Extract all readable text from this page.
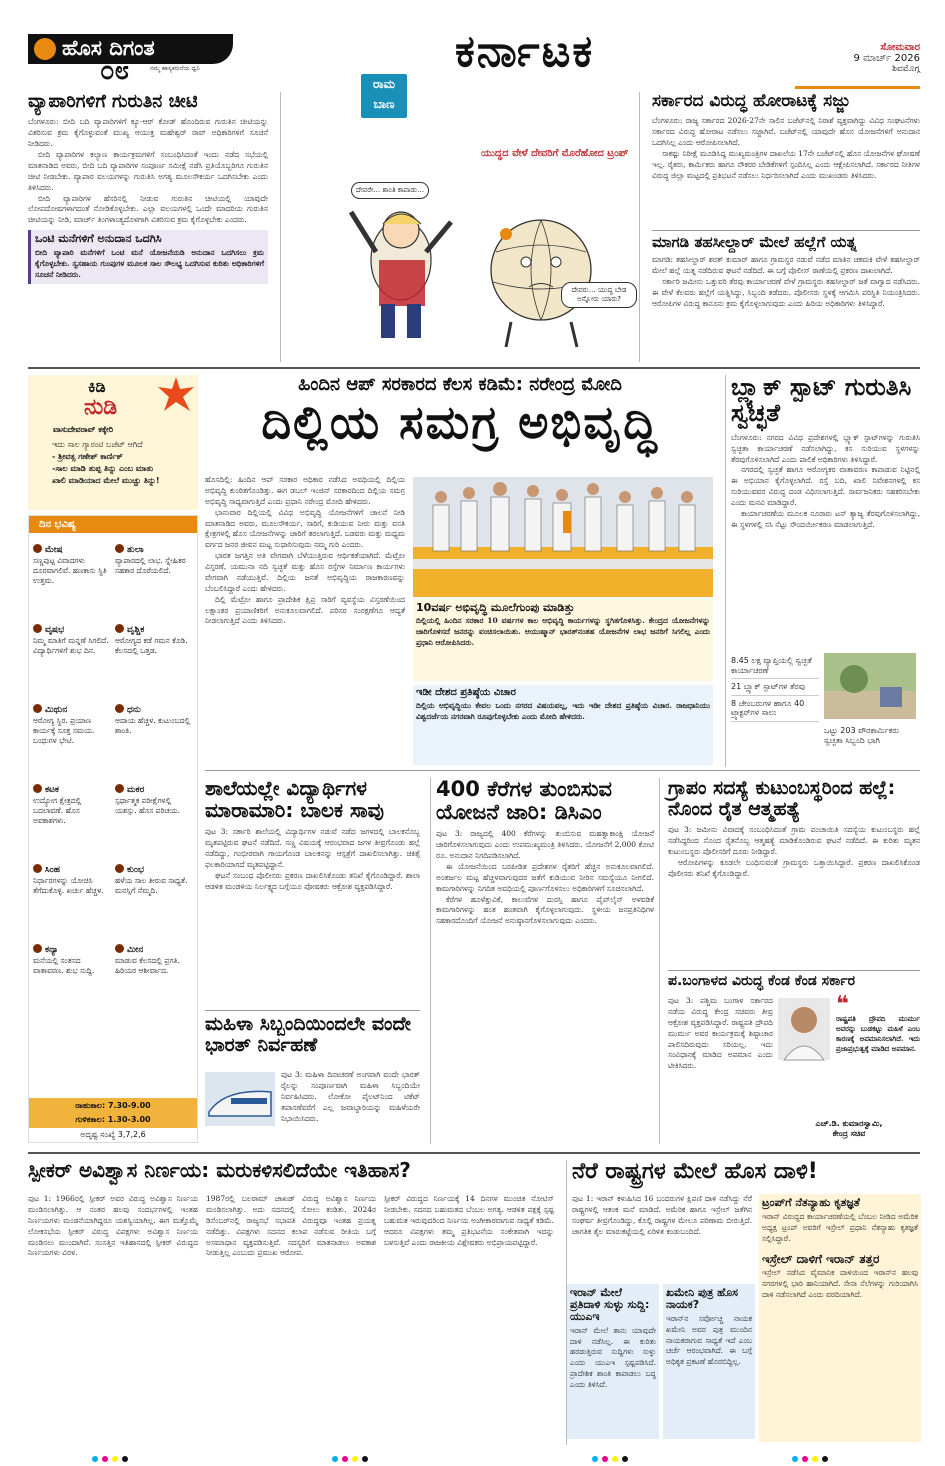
ಹೊಸ ದಿಗಂತ
ನಮ್ಮ ಹಾಸ್ಯಕರುನೆಯ ಧ್ವನಿ
೦೮	ಕರ್ನಾಟಕ	ಸೋಮವಾರ
9 ಮಾರ್ಚ್ 2026
ಶಿವಮೊಗ್ಗ
ವ್ಯಾಪಾರಿಗಳಿಗೆ ಗುರುತಿನ ಚೀಟಿ

ಬೆಂಗಳೂರು: ಬೀದಿ ಬದಿ ವ್ಯಾಪಾರಿಗಳಿಗೆ ಕ್ಯೂ-ಆರ್ ಕೋಡ್ ಹೊಂದಿರುವ ಗುರುತಿನ ಚೀಟಿಯನ್ನು ವಿತರಿಸುವ ಕ್ರಮ ಕೈಗೊಳ್ಳುವಂತೆ ಮುಖ್ಯ ಆಯುಕ್ತ ಮಹೇಶ್ವರ್ ರಾವ್ ಅಧಿಕಾರಿಗಳಿಗೆ ಸೂಚನೆ ನೀಡಿದರು.

ಬೀದಿ ವ್ಯಾಪಾರಿಗಳ ಕಲ್ಯಾಣ ಕಾರ್ಯಕ್ರಮಗಳಿಗೆ ಸಂಬಂಧಿಸಿದಂತೆ ಇಂದು ನಡೆದ ಸಭೆಯಲ್ಲಿ ಮಾತನಾಡಿದ ಅವರು, ಬೀದಿ ಬದಿ ವ್ಯಾಪಾರಿಗಳ ಸಂಪೂರ್ಣ ಸಮೀಕ್ಷೆ ನಡೆಸಿ ಪ್ರತಿಯೊಬ್ಬರಿಗೂ ಗುರುತಿನ ಚೀಟಿ ನೀಡಬೇಕು. ವ್ಯಾಪಾರ ವಲಯಗಳನ್ನು ಗುರುತಿಸಿ ಅಗತ್ಯ ಮೂಲಸೌಕರ್ಯ ಒದಗಿಸಬೇಕು ಎಂದು ತಿಳಿಸಿದರು.

ಬೀದಿ ವ್ಯಾಪಾರಿಗಳ ಹೆಸರಿನಲ್ಲಿ ನೀಡುವ ಗುರುತಿನ ಚೀಟಿಯಲ್ಲಿ ಯಾವುದೇ ಲೋಪದೋಷಗಳಾಗದಂತೆ ನೋಡಿಕೊಳ್ಳಬೇಕು. ಎಲ್ಲಾ ವಲಯಗಳಲ್ಲಿ ಒಂದೇ ಮಾದರಿಯ ಗುರುತಿನ ಚೀಟಿಯನ್ನು ನೀಡಿ, ಮಾರ್ಚ್ ತಿಂಗಳಾಂತ್ಯದೊಳಗಾಗಿ ವಿತರಿಸುವ ಕ್ರಮ ಕೈಗೊಳ್ಳಬೇಕು ಎಂದರು.

ಒಂಟಿ ಮನೆಗಳಿಗೆ ಅನುದಾನ ಒದಗಿಸಿ

ಬೀದಿ ವ್ಯಾಪಾರಿ ಮನೆಗಳಿಗೆ ಒಂಟಿ ಮನೆ ಯೋಜನೆಯಡಿ ಅನುದಾನ ಒದಗಿಸಲು ಕ್ರಮ ಕೈಗೊಳ್ಳಬೇಕು. ಸ್ವಸಹಾಯ ಗುಂಪುಗಳ ಮೂಲಕ ಸಾಲ ಸೌಲಭ್ಯ ಒದಗಿಸುವ ಕುರಿತು ಅಧಿಕಾರಿಗಳಿಗೆ ಸೂಚನೆ ನೀಡಿದರು.

ರಾಮ
ಬಾಣ
ಯುದ್ಧದ ವೇಳೆ ದೇವರಿಗೆ ಮೊರೆಹೋದ ಟ್ರಂಪ್
ದೇವರೇ… ಶಾಂತಿ ಕಾಪಾಡು…
ದೇವರು… ಯುದ್ಧ ಬೇಡ ಅನ್ನೋರು ಯಾರು?
ಸರ್ಕಾರದ ವಿರುದ್ಧ ಹೋರಾಟಕ್ಕೆ ಸಜ್ಜು

ಬೆಂಗಳೂರು: ರಾಜ್ಯ ಸರ್ಕಾರದ 2026-27ನೇ ಸಾಲಿನ ಬಜೆಟ್‌ನಲ್ಲಿ ನಿರಾಶೆ ವ್ಯಕ್ತವಾಗಿದ್ದು ವಿವಿಧ ಸಂಘಟನೆಗಳು ಸರ್ಕಾರದ ವಿರುದ್ಧ ಹೋರಾಟ ನಡೆಸಲು ಸಜ್ಜಾಗಿವೆ. ಬಜೆಟ್‌ನಲ್ಲಿ ಯಾವುದೇ ಹೊಸ ಯೋಜನೆಗಳಿಗೆ ಅನುದಾನ ಒದಗಿಸಿಲ್ಲ ಎಂದು ಆರೋಪಿಸಲಾಗಿದೆ.

ಸಾಕಷ್ಟು ನಿರೀಕ್ಷೆ ಮೂಡಿಸಿದ್ದ ಮುಖ್ಯಮಂತ್ರಿಗಳ ದಾಖಲೆಯ 17ನೇ ಬಜೆಟ್‌ನಲ್ಲಿ ಹೊಸ ಯೋಜನೆಗಳ ಘೋಷಣೆ ಇಲ್ಲ. ರೈತರು, ಕಾರ್ಮಿಕರು ಹಾಗೂ ನೌಕರರ ಬೇಡಿಕೆಗಳಿಗೆ ಸ್ಪಂದಿಸಿಲ್ಲ ಎಂದು ಆಕ್ಷೇಪಿಸಲಾಗಿದೆ. ಸರ್ಕಾರದ ನೀತಿಗಳ ವಿರುದ್ಧ ಜಿಲ್ಲಾ ಮಟ್ಟದಲ್ಲಿ ಪ್ರತಿಭಟನೆ ನಡೆಸಲು ನಿರ್ಧರಿಸಲಾಗಿದೆ ಎಂದು ಮುಖಂಡರು ತಿಳಿಸಿದರು.

ಮಾಗಡಿ ತಹಸೀಲ್ದಾರ್ ಮೇಲೆ ಹಲ್ಲೆಗೆ ಯತ್ನ

ಮಾಗಡಿ: ತಹಸೀಲ್ದಾರ್ ಶರತ್ ಕುಮಾರ್ ಹಾಗೂ ಗ್ರಾಮಸ್ಥರ ನಡುವೆ ನಡೆದ ಮಾತಿನ ಚಕಮಕಿ ವೇಳೆ ತಹಸೀಲ್ದಾರ್ ಮೇಲೆ ಹಲ್ಲೆ ಯತ್ನ ನಡೆದಿರುವ ಘಟನೆ ನಡೆದಿದೆ. ಈ ಬಗ್ಗೆ ಪೊಲೀಸ್ ಠಾಣೆಯಲ್ಲಿ ಪ್ರಕರಣ ದಾಖಲಾಗಿದೆ.

ಸರ್ಕಾರಿ ಜಮೀನು ಒತ್ತುವರಿ ತೆರವು ಕಾರ್ಯಾಚರಣೆ ವೇಳೆ ಗ್ರಾಮಸ್ಥರು ತಹಸೀಲ್ದಾರ್ ಜತೆ ವಾಗ್ವಾದ ನಡೆಸಿದರು. ಈ ವೇಳೆ ಕೆಲವರು ಹಲ್ಲೆಗೆ ಯತ್ನಿಸಿದ್ದು, ಸಿಬ್ಬಂದಿ ತಡೆದರು. ಪೊಲೀಸರು ಸ್ಥಳಕ್ಕೆ ಆಗಮಿಸಿ ಪರಿಸ್ಥಿತಿ ನಿಯಂತ್ರಿಸಿದರು. ಆರೋಪಿಗಳ ವಿರುದ್ಧ ಕಾನೂನು ಕ್ರಮ ಕೈಗೊಳ್ಳಲಾಗುವುದು ಎಂದು ಹಿರಿಯ ಅಧಿಕಾರಿಗಳು ತಿಳಿಸಿದ್ದಾರೆ.

ಕಿಡಿ
ನುಡಿ
ವಾಸುದೇವರಾವ್ ಕಕ್ಕೇರಿ
ಇದು ಸಾಲ ಗ್ಯಾರಂಟಿ ಬಜೆಟ್ ಆಗಿದೆ
- ಶ್ರೀವತ್ಸ ಗಣೇಶ್ ಕಾರ್ಣಿಕ್
-ಸಾಲ ಮಾಡಿ ತುಪ್ಪ ತಿನ್ನು ಎಂಬ ಮಾತು
ಖಾಲಿ ಮಾಡಿಯಾದ ಮೇಲೆ ಮುಚ್ಚು ತಿನ್ನು!
ದಿನ ಭವಿಷ್ಯ
ಮೇಷ
ಸಣ್ಣಪುಟ್ಟ ವಿವಾದಗಳು ದೂರವಾಗಲಿವೆ. ಹಣಕಾಸು ಸ್ಥಿತಿ ಉತ್ತಮ.
ವೃಷಭ
ನಿಮ್ಮ ಮಾತಿಗೆ ಮನ್ನಣೆ ಸಿಗಲಿದೆ. ವಿದ್ಯಾರ್ಥಿಗಳಿಗೆ ಶುಭ ದಿನ.
ಮಿಥುನ
ಆರೋಗ್ಯ ಸ್ಥಿರ. ಪ್ರಯಾಣ ಕಾರ್ಯಕ್ಕೆ ಸೂಕ್ತ ಸಮಯ. ಬಂಧುಗಳ ಭೇಟಿ.
ಕಟಕ
ಉದ್ಯೋಗ ಕ್ಷೇತ್ರದಲ್ಲಿ ಬದಲಾವಣೆ. ಹೊಸ ಅವಕಾಶಗಳು.
ಸಿಂಹ
ನಿರ್ಧಾರಗಳನ್ನು ಯೋಚಿಸಿ ತೆಗೆದುಕೊಳ್ಳಿ. ಖರ್ಚು ಹೆಚ್ಚಳ.
ಕನ್ಯಾ
ಮನೆಯಲ್ಲಿ ಸಂತಸದ ವಾತಾವರಣ. ಶುಭ ಸುದ್ದಿ.
ತುಲಾ
ವ್ಯಾಪಾರದಲ್ಲಿ ಲಾಭ. ಸ್ನೇಹಿತರ ಸಹಕಾರ ದೊರೆಯಲಿದೆ.
ವೃಶ್ಚಿಕ
ಆರೋಗ್ಯದ ಕಡೆ ಗಮನ ಕೊಡಿ. ಕೆಲಸದಲ್ಲಿ ಒತ್ತಡ.
ಧನು
ಆದಾಯ ಹೆಚ್ಚಳ. ಕುಟುಂಬದಲ್ಲಿ ಶಾಂತಿ.
ಮಕರ
ಸ್ಪರ್ಧಾತ್ಮಕ ಪರೀಕ್ಷೆಗಳಲ್ಲಿ ಯಶಸ್ಸು. ಹೊಸ ಪರಿಚಯ.
ಕುಂಭ
ಹಳೆಯ ಸಾಲ ತೀರುವ ಸಾಧ್ಯತೆ. ಮನಸ್ಸಿಗೆ ನೆಮ್ಮದಿ.
ಮೀನ
ಮಾಡುವ ಕೆಲಸದಲ್ಲಿ ಪ್ರಗತಿ. ಹಿರಿಯರ ಆಶೀರ್ವಾದ.
ರಾಹುಕಾಲ: 7.30-9.00
ಗುಳಿಕಕಾಲ: 1.30-3.00
ಅದೃಷ್ಟ ಸಂಖ್ಯೆ 3,7,2,6
ಹಿಂದಿನ ಆಪ್ ಸರಕಾರದ ಕೆಲಸ ಕಡಿಮೆ: ನರೇಂದ್ರ ಮೋದಿ
ದಿಲ್ಲಿಯ ಸಮಗ್ರ ಅಭಿವೃದ್ಧಿ

ಹೊಸದಿಲ್ಲಿ: ಹಿಂದಿನ ಆಪ್ ಸರಕಾರ ಅಧಿಕಾರ ನಡೆಸಿದ ಅವಧಿಯಲ್ಲಿ ದಿಲ್ಲಿಯ ಅಭಿವೃದ್ಧಿ ಕುಂಠಿತಗೊಂಡಿತ್ತು. ಈಗ ಡಬಲ್ ಇಂಜಿನ್ ಸರಕಾರದಿಂದ ದಿಲ್ಲಿಯ ಸಮಗ್ರ ಅಭಿವೃದ್ಧಿ ಸಾಧ್ಯವಾಗುತ್ತಿದೆ ಎಂದು ಪ್ರಧಾನಿ ನರೇಂದ್ರ ಮೋದಿ ಹೇಳಿದರು.

ಭಾನುವಾರ ದಿಲ್ಲಿಯಲ್ಲಿ ವಿವಿಧ ಅಭಿವೃದ್ಧಿ ಯೋಜನೆಗಳಿಗೆ ಚಾಲನೆ ನೀಡಿ ಮಾತನಾಡಿದ ಅವರು, ಮೂಲಸೌಕರ್ಯ, ಸಾರಿಗೆ, ಕುಡಿಯುವ ನೀರು ಮತ್ತು ವಸತಿ ಕ್ಷೇತ್ರಗಳಲ್ಲಿ ಹೊಸ ಯೋಜನೆಗಳನ್ನು ಜಾರಿಗೆ ತರಲಾಗುತ್ತಿದೆ. ಬಡವರು ಮತ್ತು ಮಧ್ಯಮ ವರ್ಗದ ಜನರ ಜೀವನ ಮಟ್ಟ ಸುಧಾರಿಸುವುದು ನಮ್ಮ ಗುರಿ ಎಂದರು.

ಭಾರತ ಜಗತ್ತಿನ ಅತಿ ವೇಗವಾಗಿ ಬೆಳೆಯುತ್ತಿರುವ ಆರ್ಥಿಕತೆಯಾಗಿದೆ. ಮೆಟ್ರೋ ವಿಸ್ತರಣೆ, ಯಮುನಾ ನದಿ ಸ್ವಚ್ಛತೆ ಮತ್ತು ಹೊಸ ರಸ್ತೆಗಳ ನಿರ್ಮಾಣ ಕಾರ್ಯಗಳು ವೇಗವಾಗಿ ನಡೆಯುತ್ತಿವೆ. ದಿಲ್ಲಿಯ ಜನತೆ ಅಭಿವೃದ್ಧಿಯ ರಾಜಕಾರಣವನ್ನು ಬೆಂಬಲಿಸಿದ್ದಾರೆ ಎಂದು ಹೇಳಿದರು.

ದಿಲ್ಲಿ ಮೆಟ್ರೋ ಹಾಗೂ ಪ್ರಾದೇಶಿಕ ಕ್ಷಿಪ್ರ ಸಾರಿಗೆ ವ್ಯವಸ್ಥೆಯ ವಿಸ್ತರಣೆಯಿಂದ ಲಕ್ಷಾಂತರ ಪ್ರಯಾಣಿಕರಿಗೆ ಅನುಕೂಲವಾಗಲಿದೆ. ಪರಿಸರ ಸಂರಕ್ಷಣೆಗೂ ಆದ್ಯತೆ ನೀಡಲಾಗುತ್ತಿದೆ ಎಂದು ತಿಳಿಸಿದರು.

10ವರ್ಷ ಅಭಿವೃದ್ಧಿ ಮೂಲೆಗುಂಪು ಮಾಡಿತ್ತು

ದಿಲ್ಲಿಯಲ್ಲಿ ಹಿಂದಿನ ಸರಕಾರ 10 ವರ್ಷಗಳ ಕಾಲ ಅಭಿವೃದ್ಧಿ ಕಾರ್ಯಗಳನ್ನು ಸ್ಥಗಿತಗೊಳಿಸಿತ್ತು. ಕೇಂದ್ರದ ಯೋಜನೆಗಳನ್ನು ಜಾರಿಗೊಳಿಸದೆ ಜನರನ್ನು ವಂಚಿಸಲಾಯಿತು. ಆಯುಷ್ಮಾನ್ ಭಾರತ್‌ನಂತಹ ಯೋಜನೆಗಳ ಲಾಭ ಜನರಿಗೆ ಸಿಗಲಿಲ್ಲ ಎಂದು ಪ್ರಧಾನಿ ಆರೋಪಿಸಿದರು.

ಇಡೀ ದೇಶದ ಪ್ರತಿಷ್ಠೆಯ ವಿಚಾರ

ದಿಲ್ಲಿಯ ಅಭಿವೃದ್ಧಿಯು ಕೇವಲ ಒಂದು ನಗರದ ವಿಷಯವಲ್ಲ, ಇದು ಇಡೀ ದೇಶದ ಪ್ರತಿಷ್ಠೆಯ ವಿಚಾರ. ರಾಜಧಾನಿಯು ವಿಶ್ವದರ್ಜೆಯ ನಗರವಾಗಿ ರೂಪುಗೊಳ್ಳಬೇಕು ಎಂದು ಮೋದಿ ಹೇಳಿದರು.

ಬ್ಲ್ಯಾಕ್ ಸ್ಪಾಟ್ ಗುರುತಿಸಿ ಸ್ವಚ್ಛತೆ

ಬೆಂಗಳೂರು: ನಗರದ ವಿವಿಧ ಪ್ರದೇಶಗಳಲ್ಲಿ ಬ್ಲ್ಯಾಕ್ ಸ್ಪಾಟ್‌ಗಳನ್ನು ಗುರುತಿಸಿ ಸ್ವಚ್ಛತಾ ಕಾರ್ಯಾಚರಣೆ ನಡೆಸಲಾಗಿದ್ದು, ಕಸ ಸುರಿಯುವ ಸ್ಥಳಗಳನ್ನು ತೆರವುಗೊಳಿಸಲಾಗಿದೆ ಎಂದು ಪಾಲಿಕೆ ಅಧಿಕಾರಿಗಳು ತಿಳಿಸಿದ್ದಾರೆ.

ನಗರದಲ್ಲಿ ಸ್ವಚ್ಛತೆ ಹಾಗೂ ಆರೋಗ್ಯಕರ ವಾತಾವರಣ ಕಾಪಾಡುವ ನಿಟ್ಟಿನಲ್ಲಿ ಈ ಅಭಿಯಾನ ಕೈಗೊಳ್ಳಲಾಗಿದೆ. ರಸ್ತೆ ಬದಿ, ಖಾಲಿ ನಿವೇಶನಗಳಲ್ಲಿ ಕಸ ಸುರಿಯುವವರ ವಿರುದ್ಧ ದಂಡ ವಿಧಿಸಲಾಗುತ್ತಿದೆ. ಸಾರ್ವಜನಿಕರು ಸಹಕರಿಸಬೇಕು ಎಂದು ಮನವಿ ಮಾಡಿದ್ದಾರೆ.

ಕಾರ್ಯಾಚರಣೆಯ ಮೂಲಕ ನೂರಾರು ಟನ್ ತ್ಯಾಜ್ಯ ತೆರವುಗೊಳಿಸಲಾಗಿದ್ದು, ಈ ಸ್ಥಳಗಳಲ್ಲಿ ಸಸಿ ನೆಟ್ಟು ಸೌಂದರ್ಯೀಕರಣ ಮಾಡಲಾಗುತ್ತಿದೆ.

8.45 ಲಕ್ಷ ವ್ಯಾಪ್ತಿಯಲ್ಲಿ ಸ್ವಚ್ಛತೆ ಕಾರ್ಯಾಚರಣೆ
21 ಬ್ಲ್ಯಾಕ್ ಸ್ಪಾಟ್‌ಗಳ ತೆರವು
8 ಚೇಂಬರುಗಳ ಹಾಗೂ 40 ಟ್ರ್ಯಾಕ್ಟರ್‌ಗಳ ಸಾಲು
ಒಟ್ಟು 203 ಪೌರಕಾರ್ಮಿಕರು ಸ್ವಚ್ಛತಾ ಸಿಬ್ಬಂದಿ ಭಾಗಿ
ಶಾಲೆಯಲ್ಲೇ ವಿದ್ಯಾರ್ಥಿಗಳ ಮಾರಾಮಾರಿ: ಬಾಲಕ ಸಾವು

ಪುಟ 3: ಸರ್ಕಾರಿ ಶಾಲೆಯಲ್ಲಿ ವಿದ್ಯಾರ್ಥಿಗಳ ನಡುವೆ ನಡೆದ ಜಗಳದಲ್ಲಿ ಬಾಲಕನೊಬ್ಬ ಮೃತಪಟ್ಟಿರುವ ಘಟನೆ ನಡೆದಿದೆ. ಸಣ್ಣ ವಿಷಯಕ್ಕೆ ಆರಂಭವಾದ ಜಗಳ ತೀವ್ರಗೊಂಡು ಹಲ್ಲೆ ನಡೆದಿದ್ದು, ಗಂಭೀರವಾಗಿ ಗಾಯಗೊಂಡ ಬಾಲಕನನ್ನು ಆಸ್ಪತ್ರೆಗೆ ದಾಖಲಿಸಲಾಗಿತ್ತು. ಚಿಕಿತ್ಸೆ ಫಲಕಾರಿಯಾಗದೆ ಮೃತಪಟ್ಟಿದ್ದಾನೆ.

ಘಟನೆ ಸಂಬಂಧ ಪೊಲೀಸರು ಪ್ರಕರಣ ದಾಖಲಿಸಿಕೊಂಡು ತನಿಖೆ ಕೈಗೊಂಡಿದ್ದಾರೆ. ಶಾಲಾ ಆಡಳಿತ ಮಂಡಳಿಯ ನಿರ್ಲಕ್ಷ್ಯದ ಬಗ್ಗೆಯೂ ಪೋಷಕರು ಆಕ್ರೋಶ ವ್ಯಕ್ತಪಡಿಸಿದ್ದಾರೆ.

ಮಹಿಳಾ ಸಿಬ್ಬಂದಿಯಿಂದಲೇ ವಂದೇ ಭಾರತ್ ನಿರ್ವಹಣೆ

ಪುಟ 3: ಮಹಿಳಾ ದಿನಾಚರಣೆ ಅಂಗವಾಗಿ ವಂದೇ ಭಾರತ್ ರೈಲನ್ನು ಸಂಪೂರ್ಣವಾಗಿ ಮಹಿಳಾ ಸಿಬ್ಬಂದಿಯೇ ನಿರ್ವಹಿಸಿದರು. ಲೋಕೋ ಪೈಲಟ್‌ನಿಂದ ಟಿಕೆಟ್ ತಪಾಸಣೆವರೆಗೆ ಎಲ್ಲ ಜವಾಬ್ದಾರಿಯನ್ನು ಮಹಿಳೆಯರೇ ನಿಭಾಯಿಸಿದರು.

400 ಕೆರೆಗಳ ತುಂಬಿಸುವ ಯೋಜನೆ ಜಾರಿ: ಡಿಸಿಎಂ

ಪುಟ 3: ರಾಜ್ಯದಲ್ಲಿ 400 ಕೆರೆಗಳನ್ನು ತುಂಬಿಸುವ ಮಹತ್ವಾಕಾಂಕ್ಷಿ ಯೋಜನೆ ಜಾರಿಗೊಳಿಸಲಾಗುವುದು ಎಂದು ಉಪಮುಖ್ಯಮಂತ್ರಿ ತಿಳಿಸಿದರು. ಯೋಜನೆಗೆ 2,000 ಕೋಟಿ ರೂ. ಅನುದಾನ ನಿಗದಿಪಡಿಸಲಾಗಿದೆ.

ಈ ಯೋಜನೆಯಿಂದ ಬರಪೀಡಿತ ಪ್ರದೇಶಗಳ ರೈತರಿಗೆ ಹೆಚ್ಚಿನ ಅನುಕೂಲವಾಗಲಿದೆ. ಅಂತರ್ಜಲ ಮಟ್ಟ ಹೆಚ್ಚಳವಾಗುವುದರ ಜತೆಗೆ ಕುಡಿಯುವ ನೀರಿನ ಸಮಸ್ಯೆಯೂ ನೀಗಲಿದೆ. ಕಾಮಗಾರಿಗಳನ್ನು ನಿಗದಿತ ಅವಧಿಯಲ್ಲಿ ಪೂರ್ಣಗೊಳಿಸಲು ಅಧಿಕಾರಿಗಳಿಗೆ ಸೂಚಿಸಲಾಗಿದೆ.

ಕೆರೆಗಳ ಹೂಳೆತ್ತುವಿಕೆ, ಕಾಲುವೆಗಳ ದುರಸ್ತಿ ಹಾಗೂ ಪೈಪ್‌ಲೈನ್ ಅಳವಡಿಕೆ ಕಾಮಗಾರಿಗಳನ್ನು ಹಂತ ಹಂತವಾಗಿ ಕೈಗೊಳ್ಳಲಾಗುವುದು. ಸ್ಥಳೀಯ ಜನಪ್ರತಿನಿಧಿಗಳ ಸಹಕಾರದೊಂದಿಗೆ ಯೋಜನೆ ಅನುಷ್ಠಾನಗೊಳಿಸಲಾಗುವುದು ಎಂದರು.

ಗ್ರಾಪಂ ಸದಸ್ಯೆ ಕುಟುಂಬಸ್ಥರಿಂದ ಹಲ್ಲೆ: ನೊಂದ ರೈತ ಆತ್ಮಹತ್ಯೆ

ಪುಟ 3: ಜಮೀನು ವಿವಾದಕ್ಕೆ ಸಂಬಂಧಿಸಿದಂತೆ ಗ್ರಾಮ ಪಂಚಾಯಿತಿ ಸದಸ್ಯೆಯ ಕುಟುಂಬಸ್ಥರು ಹಲ್ಲೆ ನಡೆಸಿದ್ದರಿಂದ ನೊಂದ ರೈತನೊಬ್ಬ ಆತ್ಮಹತ್ಯೆ ಮಾಡಿಕೊಂಡಿರುವ ಘಟನೆ ನಡೆದಿದೆ. ಈ ಕುರಿತು ಮೃತನ ಕುಟುಂಬಸ್ಥರು ಪೊಲೀಸರಿಗೆ ದೂರು ನೀಡಿದ್ದಾರೆ.

ಆರೋಪಿಗಳನ್ನು ಕೂಡಲೇ ಬಂಧಿಸುವಂತೆ ಗ್ರಾಮಸ್ಥರು ಒತ್ತಾಯಿಸಿದ್ದಾರೆ. ಪ್ರಕರಣ ದಾಖಲಿಸಿಕೊಂಡ ಪೊಲೀಸರು ತನಿಖೆ ಕೈಗೊಂಡಿದ್ದಾರೆ.

ಪ.ಬಂಗಾಳದ ವಿರುದ್ಧ ಕೆಂಡ ಕೆಂಡ ಸರ್ಕಾರ

ಪುಟ 3: ಪಶ್ಚಿಮ ಬಂಗಾಳ ಸರ್ಕಾರದ ನಡೆಯ ವಿರುದ್ಧ ಕೇಂದ್ರ ಸಚಿವರು ತೀವ್ರ ಆಕ್ರೋಶ ವ್ಯಕ್ತಪಡಿಸಿದ್ದಾರೆ. ರಾಷ್ಟ್ರಪತಿ ದ್ರೌಪದಿ ಮುರ್ಮು ಅವರ ಕಾರ್ಯಕ್ರಮಕ್ಕೆ ಶಿಷ್ಟಾಚಾರ ಪಾಲಿಸದಿರುವುದು ಸರಿಯಲ್ಲ. ಇದು ಸಂವಿಧಾನಕ್ಕೆ ಮಾಡಿದ ಅಪಮಾನ ಎಂದು ಟೀಕಿಸಿದರು.

❝

ರಾಷ್ಟ್ರಪತಿ ದ್ರೌಪದಿ ಮುರ್ಮು ಅವರನ್ನು ಬುಡಕಟ್ಟು ಮಹಿಳೆ ಎಂಬ ಕಾರಣಕ್ಕೆ ಅವಮಾನಿಸಲಾಗಿದೆ. ಇದು ಪ್ರಜಾಪ್ರಭುತ್ವಕ್ಕೆ ಮಾಡಿದ ಅಪಮಾನ.

ಎಚ್.ಡಿ. ಕುಮಾರಸ್ವಾಮಿ,
ಕೇಂದ್ರ ಸಚಿವ
ಸ್ಪೀಕರ್ ಅವಿಶ್ವಾಸ ನಿರ್ಣಯ: ಮರುಕಳಿಸಲಿದೆಯೇ ಇತಿಹಾಸ?

ಪುಟ 1: 1966ರಲ್ಲಿ ಸ್ಪೀಕರ್ ಅವರ ವಿರುದ್ಧ ಅವಿಶ್ವಾಸ ನಿರ್ಣಯ ಮಂಡಿಸಲಾಗಿತ್ತು. ಆ ನಂತರ ಹಲವು ಸಂದರ್ಭಗಳಲ್ಲಿ ಇಂತಹ ನಿರ್ಣಯಗಳು ಮಂಡನೆಯಾಗಿದ್ದರೂ ಯಶಸ್ವಿಯಾಗಿಲ್ಲ. ಈಗ ಮತ್ತೊಮ್ಮೆ ಲೋಕಸಭೆಯ ಸ್ಪೀಕರ್ ವಿರುದ್ಧ ವಿಪಕ್ಷಗಳು ಅವಿಶ್ವಾಸ ನಿರ್ಣಯ ಮಂಡಿಸಲು ಮುಂದಾಗಿವೆ. ಸಂಸತ್ತಿನ ಇತಿಹಾಸದಲ್ಲಿ ಸ್ಪೀಕರ್ ವಿರುದ್ಧದ ನಿರ್ಣಯಗಳು ವಿರಳ.

1987ರಲ್ಲಿ ಬಲರಾಮ್ ಜಾಖಡ್ ವಿರುದ್ಧ ಅವಿಶ್ವಾಸ ನಿರ್ಣಯ ಮಂಡಿಸಲಾಗಿತ್ತು. ಅದು ಸದನದಲ್ಲಿ ಸೋಲು ಕಂಡಿತು. 2024ರ ಡಿಸೆಂಬರ್‌ನಲ್ಲಿ ರಾಜ್ಯಸಭೆ ಸಭಾಪತಿ ವಿರುದ್ಧವೂ ಇಂತಹ ಪ್ರಯತ್ನ ನಡೆದಿತ್ತು. ವಿಪಕ್ಷಗಳು ಸದನದ ಕಲಾಪ ನಡೆಸುವ ರೀತಿಯ ಬಗ್ಗೆ ಅಸಮಾಧಾನ ವ್ಯಕ್ತಪಡಿಸುತ್ತಿವೆ. ಸದಸ್ಯರಿಗೆ ಮಾತನಾಡಲು ಅವಕಾಶ ನೀಡುತ್ತಿಲ್ಲ ಎಂಬುದು ಪ್ರಮುಖ ಆರೋಪ.

ಸ್ಪೀಕರ್ ವಿರುದ್ಧದ ನಿರ್ಣಯಕ್ಕೆ 14 ದಿನಗಳ ಮುಂಚಿತ ನೋಟಿಸ್ ನೀಡಬೇಕು. ಸದನದ ಬಹುಮತದ ಬೆಂಬಲ ಅಗತ್ಯ. ಆಡಳಿತ ಪಕ್ಷಕ್ಕೆ ಸ್ಪಷ್ಟ ಬಹುಮತ ಇರುವುದರಿಂದ ನಿರ್ಣಯ ಅಂಗೀಕಾರವಾಗುವ ಸಾಧ್ಯತೆ ಕಡಿಮೆ. ಆದರೂ ವಿಪಕ್ಷಗಳು ತಮ್ಮ ಪ್ರತಿಭಟನೆಯ ಸಂಕೇತವಾಗಿ ಇದನ್ನು ಬಳಸುತ್ತಿವೆ ಎಂದು ರಾಜಕೀಯ ವಿಶ್ಲೇಷಕರು ಅಭಿಪ್ರಾಯಪಟ್ಟಿದ್ದಾರೆ.

ನೆರೆ ರಾಷ್ಟ್ರಗಳ ಮೇಲೆ ಹೊಸ ದಾಳಿ!

ಪುಟ 1: ಇರಾನ್ ಕಳುಹಿಸಿದ 16 ಬಂದರುಗಳ ಕ್ಷಿಪಣಿ ದಾಳಿ ನಡೆಸಿದ್ದು ನೆರೆ ರಾಷ್ಟ್ರಗಳಲ್ಲಿ ಆತಂಕ ಮನೆ ಮಾಡಿದೆ. ಅಮೆರಿಕ ಹಾಗೂ ಇಸ್ರೇಲ್ ಜತೆಗಿನ ಸಂಘರ್ಷ ತೀವ್ರಗೊಂಡಿದ್ದು, ಕೊಲ್ಲಿ ರಾಷ್ಟ್ರಗಳ ಮೇಲೂ ಪರಿಣಾಮ ಬೀರುತ್ತಿದೆ. ಜಾಗತಿಕ ತೈಲ ಮಾರುಕಟ್ಟೆಯಲ್ಲಿ ಏರಿಳಿತ ಕಂಡುಬಂದಿದೆ.

ಇರಾನ್ ಮೇಲೆ ಪ್ರತಿದಾಳಿ ಸುಳ್ಳು ಸುದ್ದಿ: ಯುಎಇ

ಇರಾನ್ ಮೇಲೆ ತಾನು ಯಾವುದೇ ದಾಳಿ ನಡೆಸಿಲ್ಲ. ಈ ಕುರಿತು ಹರಡುತ್ತಿರುವ ಸುದ್ದಿಗಳು ಸುಳ್ಳು ಎಂದು ಯುಎಇ ಸ್ಪಷ್ಟಪಡಿಸಿದೆ. ಪ್ರಾದೇಶಿಕ ಶಾಂತಿ ಕಾಪಾಡಲು ಬದ್ಧ ಎಂದು ತಿಳಿಸಿದೆ.

ಖಮೇನಿ ಪುತ್ರ ಹೊಸ ನಾಯಕ?

ಇರಾನ್‌ನ ಸರ್ವೋಚ್ಚ ನಾಯಕ ಖಮೇನಿ ಅವರ ಪುತ್ರ ಮುಂದಿನ ನಾಯಕರಾಗುವ ಸಾಧ್ಯತೆ ಇದೆ ಎಂಬ ಚರ್ಚೆ ಆರಂಭವಾಗಿದೆ. ಈ ಬಗ್ಗೆ ಅಧಿಕೃತ ಪ್ರಕಟಣೆ ಹೊರಬಿದ್ದಿಲ್ಲ.

ಟ್ರಂಪ್‌ಗೆ ನೆತನ್ಯಾಹು ಕೃತಜ್ಞತೆ

ಇರಾನ್ ವಿರುದ್ಧದ ಕಾರ್ಯಾಚರಣೆಯಲ್ಲಿ ಬೆಂಬಲ ನೀಡಿದ ಅಮೆರಿಕ ಅಧ್ಯಕ್ಷ ಟ್ರಂಪ್ ಅವರಿಗೆ ಇಸ್ರೇಲ್ ಪ್ರಧಾನಿ ನೆತನ್ಯಾಹು ಕೃತಜ್ಞತೆ ಸಲ್ಲಿಸಿದ್ದಾರೆ.

ಇಸ್ರೇಲ್ ದಾಳಿಗೆ ಇರಾನ್ ತತ್ತರ

ಇಸ್ರೇಲ್ ನಡೆಸಿದ ವೈಮಾನಿಕ ದಾಳಿಯಿಂದ ಇರಾನ್‌ನ ಹಲವು ನಗರಗಳಲ್ಲಿ ಭಾರಿ ಹಾನಿಯಾಗಿದೆ. ಸೇನಾ ನೆಲೆಗಳನ್ನು ಗುರಿಯಾಗಿಸಿ ದಾಳಿ ನಡೆಸಲಾಗಿದೆ ಎಂದು ವರದಿಯಾಗಿದೆ.
